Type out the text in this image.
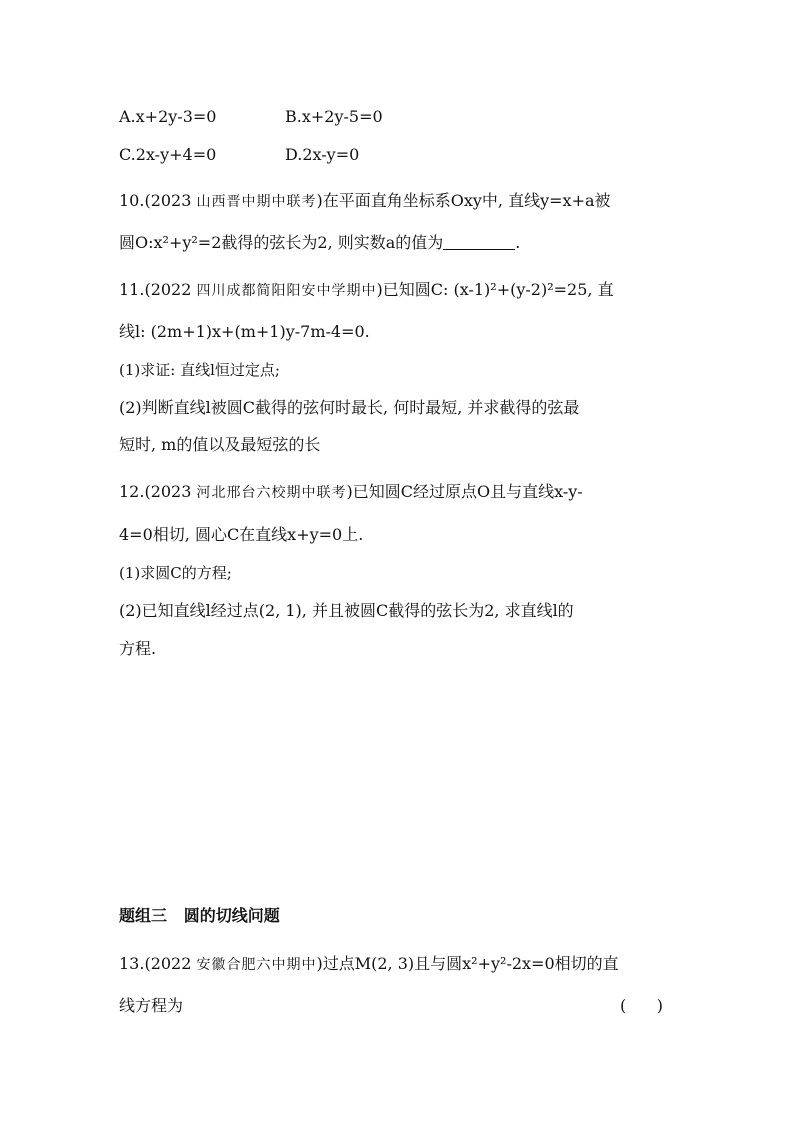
A.x+2y-3=0	B.x+2y-5=0
C.2x-y+4=0	D.2x-y=0
10.(2023 山西晋中期中联考)在平面直角坐标系Oxy中, 直线y=x+a被
圆O:x²+y²=2截得的弦长为2, 则实数a的值为	.
11.(2022 四川成都简阳阳安中学期中)已知圆C: (x-1)²+(y-2)²=25, 直
线l: (2m+1)x+(m+1)y-7m-4=0.
(1)求证: 直线l恒过定点;
(2)判断直线l被圆C截得的弦何时最长, 何时最短, 并求截得的弦最
短时, m的值以及最短弦的长
12.(2023 河北邢台六校期中联考)已知圆C经过原点O且与直线x-y-
4=0相切, 圆心C在直线x+y=0上.
(1)求圆C的方程;
(2)已知直线l经过点(2, 1), 并且被圆C截得的弦长为2, 求直线l的
方程.
题组三 圆的切线问题
13.(2022 安徽合肥六中期中)过点M(2, 3)且与圆x²+y²-2x=0相切的直
线方程为	(      )
